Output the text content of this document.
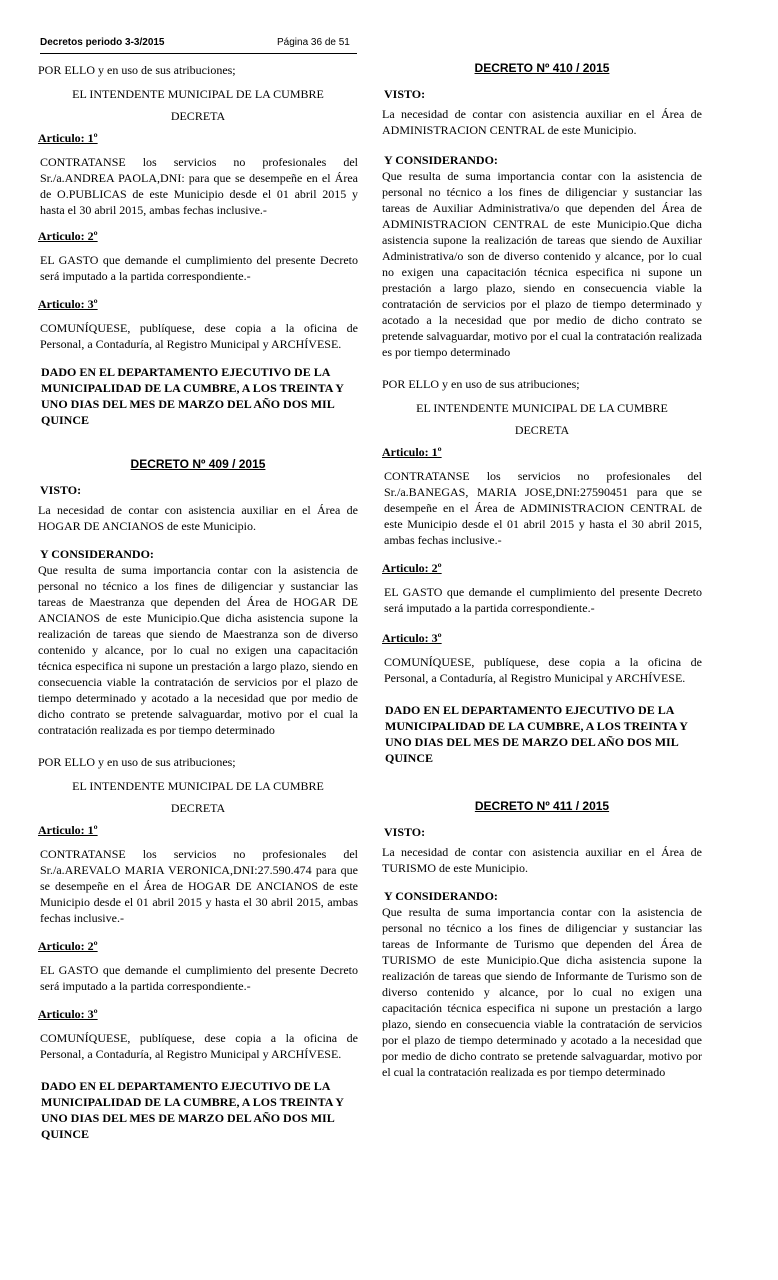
Decretos periodo 3-3/2015	Página 36 de 51

POR ELLO y en uso de sus atribuciones;

EL INTENDENTE MUNICIPAL DE LA CUMBRE

DECRETA

Articulo: 1º

CONTRATANSE los servicios no profesionales del Sr./a.ANDREA PAOLA,DNI: para que se desempeñe en el Área de O.PUBLICAS de este Municipio desde el 01 abril 2015 y hasta el 30 abril 2015, ambas fechas inclusive.-

Articulo: 2º

EL GASTO que demande el cumplimiento del presente Decreto será imputado a la partida correspondiente.-

Articulo: 3º

COMUNÍQUESE, publíquese, dese copia a la oficina de Personal, a Contaduría, al Registro Municipal y ARCHÍVESE.

DADO EN EL DEPARTAMENTO EJECUTIVO DE LA MUNICIPALIDAD DE LA CUMBRE, A LOS TREINTA Y UNO DIAS DEL MES DE MARZO DEL AÑO DOS MIL QUINCE

DECRETO Nº 409 / 2015

VISTO:

La necesidad de contar con asistencia auxiliar en el Área de HOGAR DE ANCIANOS de este Municipio.

Y CONSIDERANDO:

Que resulta de suma importancia contar con la asistencia de personal no técnico a los fines de diligenciar y sustanciar las tareas de Maestranza que dependen del Área de HOGAR DE ANCIANOS de este Municipio.Que dicha asistencia supone la realización de tareas que siendo de Maestranza son de diverso contenido y alcance, por lo cual no exigen una capacitación técnica especifica ni supone un prestación a largo plazo, siendo en consecuencia viable la contratación de servicios por el plazo de tiempo determinado y acotado a la necesidad que por medio de dicho contrato se pretende salvaguardar, motivo por el cual la contratación realizada es por tiempo determinado

POR ELLO y en uso de sus atribuciones;

EL INTENDENTE MUNICIPAL DE LA CUMBRE

DECRETA

Articulo: 1º

CONTRATANSE los servicios no profesionales del Sr./a.AREVALO MARIA VERONICA,DNI:27.590.474 para que se desempeñe en el Área de HOGAR DE ANCIANOS de este Municipio desde el 01 abril 2015 y hasta el 30 abril 2015, ambas fechas inclusive.-

Articulo: 2º

EL GASTO que demande el cumplimiento del presente Decreto será imputado a la partida correspondiente.-

Articulo: 3º

COMUNÍQUESE, publíquese, dese copia a la oficina de Personal, a Contaduría, al Registro Municipal y ARCHÍVESE.

DADO EN EL DEPARTAMENTO EJECUTIVO DE LA MUNICIPALIDAD DE LA CUMBRE, A LOS TREINTA Y UNO DIAS DEL MES DE MARZO DEL AÑO DOS MIL QUINCE

DECRETO Nº 410 / 2015

VISTO:

La necesidad de contar con asistencia auxiliar en el Área de ADMINISTRACION CENTRAL de este Municipio.

Y CONSIDERANDO:

Que resulta de suma importancia contar con la asistencia de personal no técnico a los fines de diligenciar y sustanciar las tareas de Auxiliar Administrativa/o que dependen del Área de ADMINISTRACION CENTRAL de este Municipio.Que dicha asistencia supone la realización de tareas que siendo de Auxiliar Administrativa/o son de diverso contenido y alcance, por lo cual no exigen una capacitación técnica especifica ni supone un prestación a largo plazo, siendo en consecuencia viable la contratación de servicios por el plazo de tiempo determinado y acotado a la necesidad que por medio de dicho contrato se pretende salvaguardar, motivo por el cual la contratación realizada es por tiempo determinado

POR ELLO y en uso de sus atribuciones;

EL INTENDENTE MUNICIPAL DE LA CUMBRE

DECRETA

Articulo: 1º

CONTRATANSE los servicios no profesionales del Sr./a.BANEGAS, MARIA JOSE,DNI:27590451 para que se desempeñe en el Área de ADMINISTRACION CENTRAL de este Municipio desde el 01 abril 2015 y hasta el 30 abril 2015, ambas fechas inclusive.-

Articulo: 2º

EL GASTO que demande el cumplimiento del presente Decreto será imputado a la partida correspondiente.-

Articulo: 3º

COMUNÍQUESE, publíquese, dese copia a la oficina de Personal, a Contaduría, al Registro Municipal y ARCHÍVESE.

DADO EN EL DEPARTAMENTO EJECUTIVO DE LA MUNICIPALIDAD DE LA CUMBRE, A LOS TREINTA Y UNO DIAS DEL MES DE MARZO DEL AÑO DOS MIL QUINCE

DECRETO Nº 411 / 2015

VISTO:

La necesidad de contar con asistencia auxiliar en el Área de TURISMO de este Municipio.

Y CONSIDERANDO:

Que resulta de suma importancia contar con la asistencia de personal no técnico a los fines de diligenciar y sustanciar las tareas de Informante de Turismo que dependen del Área de TURISMO de este Municipio.Que dicha asistencia supone la realización de tareas que siendo de Informante de Turismo son de diverso contenido y alcance, por lo cual no exigen una capacitación técnica especifica ni supone un prestación a largo plazo, siendo en consecuencia viable la contratación de servicios por el plazo de tiempo determinado y acotado a la necesidad que por medio de dicho contrato se pretende salvaguardar, motivo por el cual la contratación realizada es por tiempo determinado
